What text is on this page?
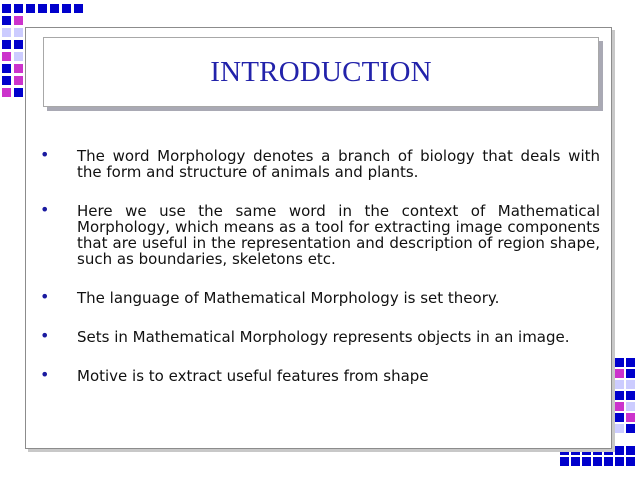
INTRODUCTION
• The word Morphology denotes a branch of biology that deals with the form and structure of animals and plants.
• Here we use the same word in the context of Mathematical Morphology, which means as a tool for extracting image components that are useful in the representation and description of region shape, such as boundaries, skeletons etc.
• The language of Mathematical Morphology is set theory.
• Sets in Mathematical Morphology represents objects in an image.
• Motive is to extract useful features from shape
